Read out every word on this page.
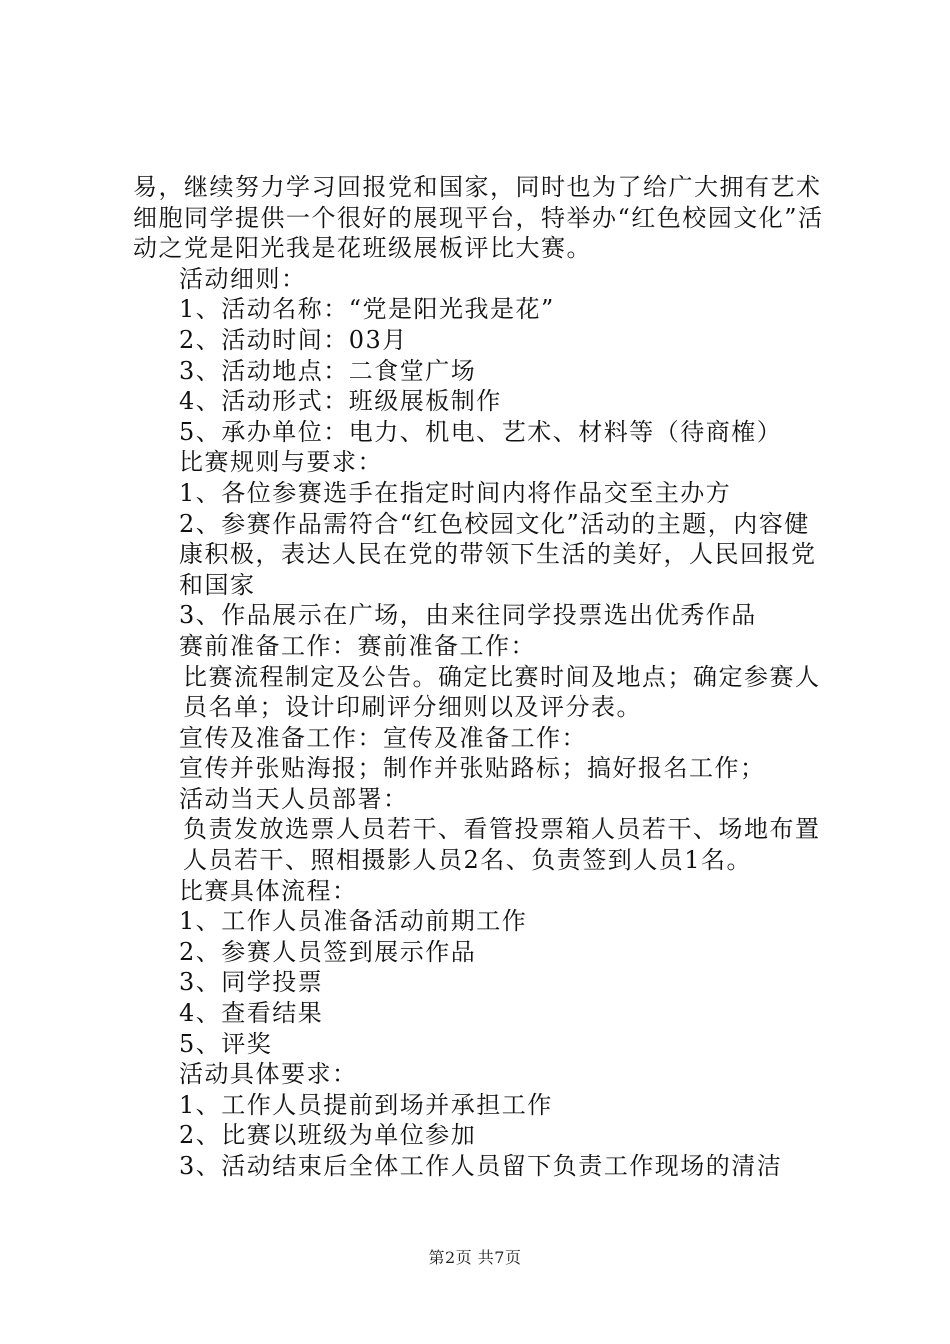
易，继续努力学习回报党和国家，同时也为了给广大拥有艺术细胞同学提供一个很好的展现平台，特举办“红色校园文化”活动之党是阳光我是花班级展板评比大赛。

活动细则：

1、活动名称：“党是阳光我是花”

2、活动时间：03月

3、活动地点：二食堂广场

4、活动形式：班级展板制作

5、承办单位：电力、机电、艺术、材料等（待商榷）

比赛规则与要求：

1、各位参赛选手在指定时间内将作品交至主办方

2、参赛作品需符合“红色校园文化”活动的主题，内容健康积极，表达人民在党的带领下生活的美好，人民回报党和国家

3、作品展示在广场，由来往同学投票选出优秀作品

赛前准备工作：赛前准备工作：

比赛流程制定及公告。确定比赛时间及地点；确定参赛人员名单；设计印刷评分细则以及评分表。

宣传及准备工作：宣传及准备工作：

宣传并张贴海报；制作并张贴路标；搞好报名工作；

活动当天人员部署：

负责发放选票人员若干、看管投票箱人员若干、场地布置人员若干、照相摄影人员2名、负责签到人员1名。

比赛具体流程：

1、工作人员准备活动前期工作

2、参赛人员签到展示作品

3、同学投票

4、查看结果

5、评奖

活动具体要求：

1、工作人员提前到场并承担工作

2、比赛以班级为单位参加

3、活动结束后全体工作人员留下负责工作现场的清洁

第2页 共7页
